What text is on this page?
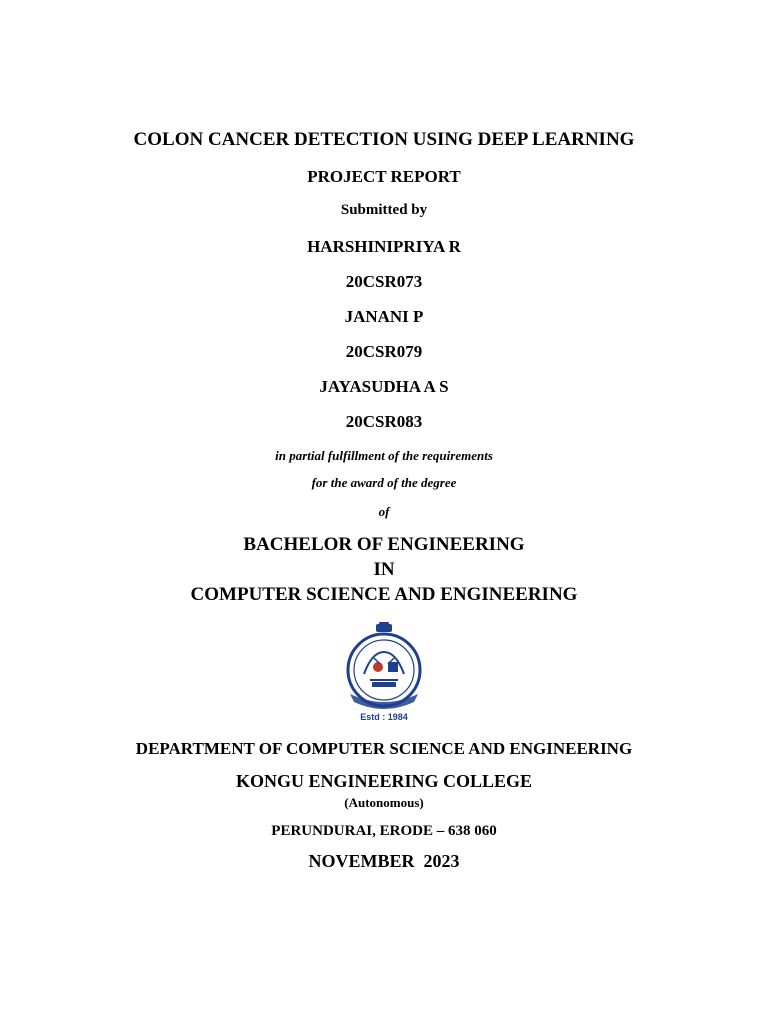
COLON CANCER DETECTION USING DEEP LEARNING
PROJECT REPORT
Submitted by
HARSHINIPRIYA R
20CSR073
JANANI P
20CSR079
JAYASUDHA A S
20CSR083
in partial fulfillment of the requirements
for the award of the degree
of
BACHELOR OF ENGINEERING
IN
COMPUTER SCIENCE AND ENGINEERING
Estd : 1984
DEPARTMENT OF COMPUTER SCIENCE AND ENGINEERING
KONGU ENGINEERING COLLEGE
(Autonomous)
PERUNDURAI, ERODE – 638 060
NOVEMBER  2023
